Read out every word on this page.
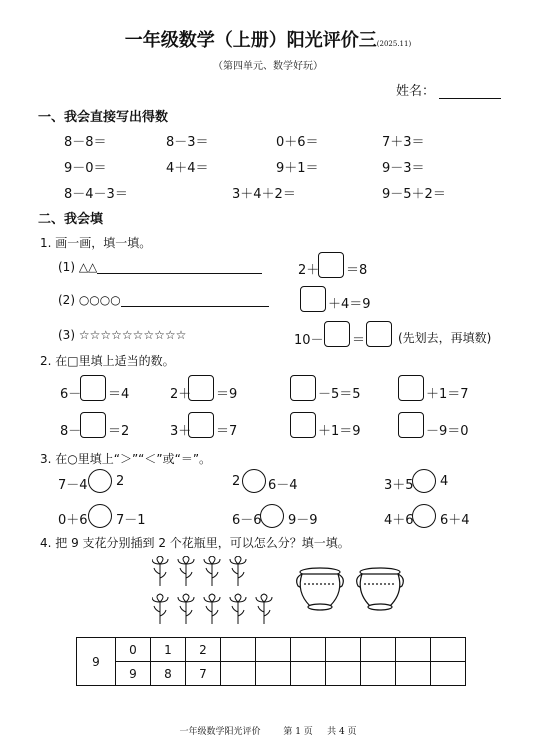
一年级数学（上册）阳光评价三(2025.11)
（第四单元、数学好玩）
姓名：
一、我会直接写出得数
8－8＝	8－3＝	0＋6＝	7＋3＝
9－0＝	4＋4＝	9＋1＝	9－3＝
8－4－3＝	3＋4＋2＝	9－5＋2＝
二、我会填
1. 画一画，填一填。
(1) △△	2＋ ＝8
(2) ○○○○	＋4＝9
(3) ☆☆☆☆☆☆☆☆☆☆	10－ ＝	(先划去，再填数)
2. 在□里填上适当的数。
6－ ＝4	2＋ ＝9	－5＝5	＋1＝7
8－ ＝2	3＋ ＝7	＋1＝9	－9＝0
3. 在○里填上“＞”“＜”或“＝”。
7－4 2	2 6－4	3＋5 4
0＋6 7－1	6－6 9－9	4＋6 6＋4
4. 把 9 支花分别插到 2 个花瓶里，可以怎么分？填一填。
9	0	1	2							
	9	8	7							
一年级数学阳光评价	第 1 页 共 4 页
